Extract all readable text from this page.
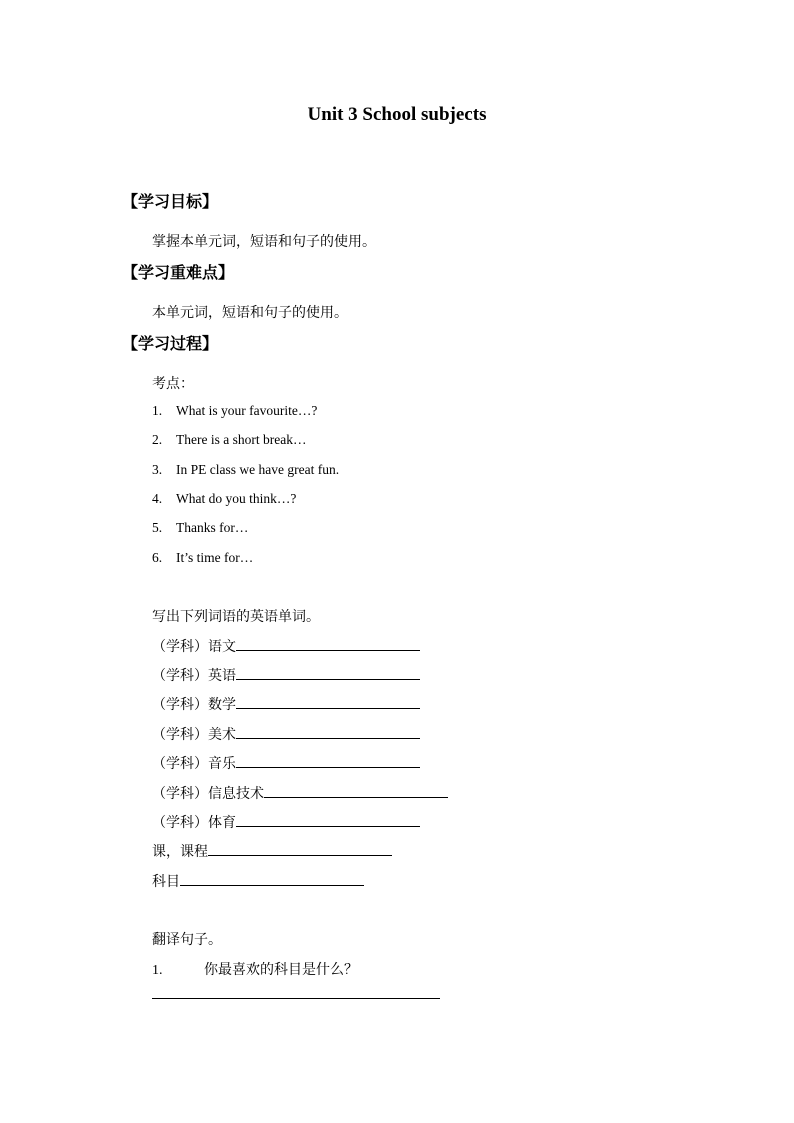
Unit 3 School subjects
【学习目标】
掌握本单元词，短语和句子的使用。
【学习重难点】
本单元词，短语和句子的使用。
【学习过程】
考点：
1. What is your favourite…?
2. There is a short break…
3. In PE class we have great fun.
4. What do you think…?
5. Thanks for…
6. It’s time for…
写出下列词语的英语单词。
（学科）语文
（学科）英语
（学科）数学
（学科）美术
（学科）音乐
（学科）信息技术
（学科）体育
课，课程
科目
翻译句子。
1.	你最喜欢的科目是什么？
